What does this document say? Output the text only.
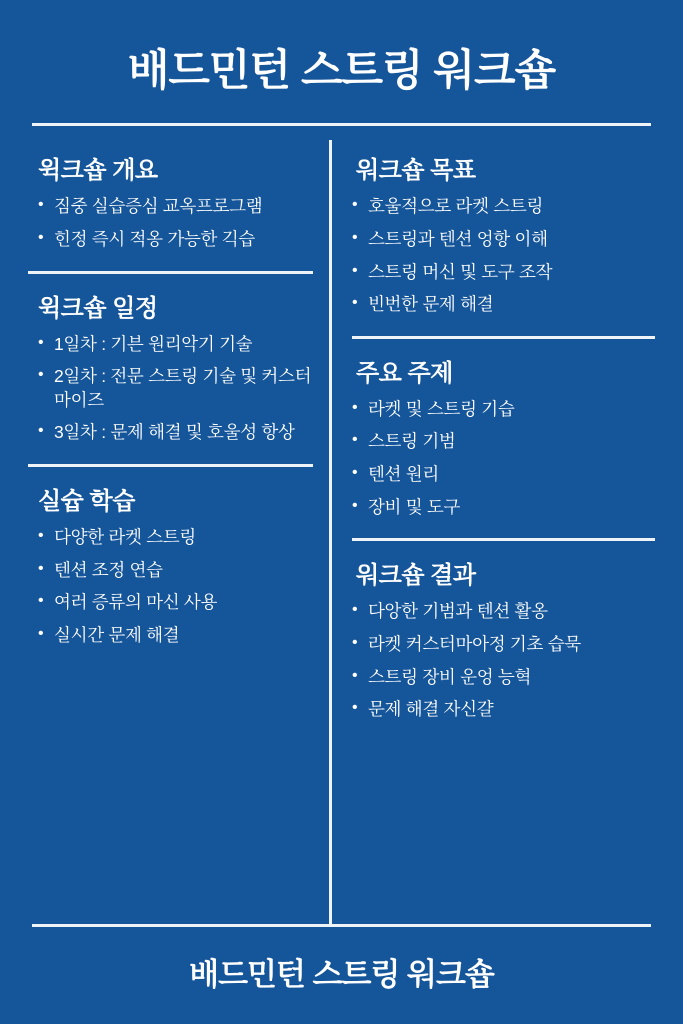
배드민턴 스트링 워크숍
윅크숍 개요
• 짐중 실습증심 교옥프로그램
• 힌정 즉시 적옹 가능한 긱습
윅크숍 일정
• 1일차 : 기븐 원리악기 기술
• 2일차 : 전문 스트링 기술 및 커스터마이즈
• 3일차 : 문제 해결 및 호울성 항상
실슙 학습
• 다양한 라켓 스트링
• 텐션 조정 연습
• 여러 증류의 마신 사용
• 실시간 문제 해결
워크숍 목표
• 호울적으로 라켓 스트링
• 스트링과 텐션 엉항 이해
• 스트링 머신 및 도구 조작
• 빈번한 문제 해결
주요 주제
• 라켓 및 스트링 기습
• 스트링 기범
• 텐션 원리
• 장비 및 도구
워크숍 결과
• 다앙한 기범과 텐션 활옹
• 라켓 커스터마아정 기초 습묵
• 스트링 장비 운엉 능혁
• 문제 해결 자신걀
배드민턴 스트링 워크숍
